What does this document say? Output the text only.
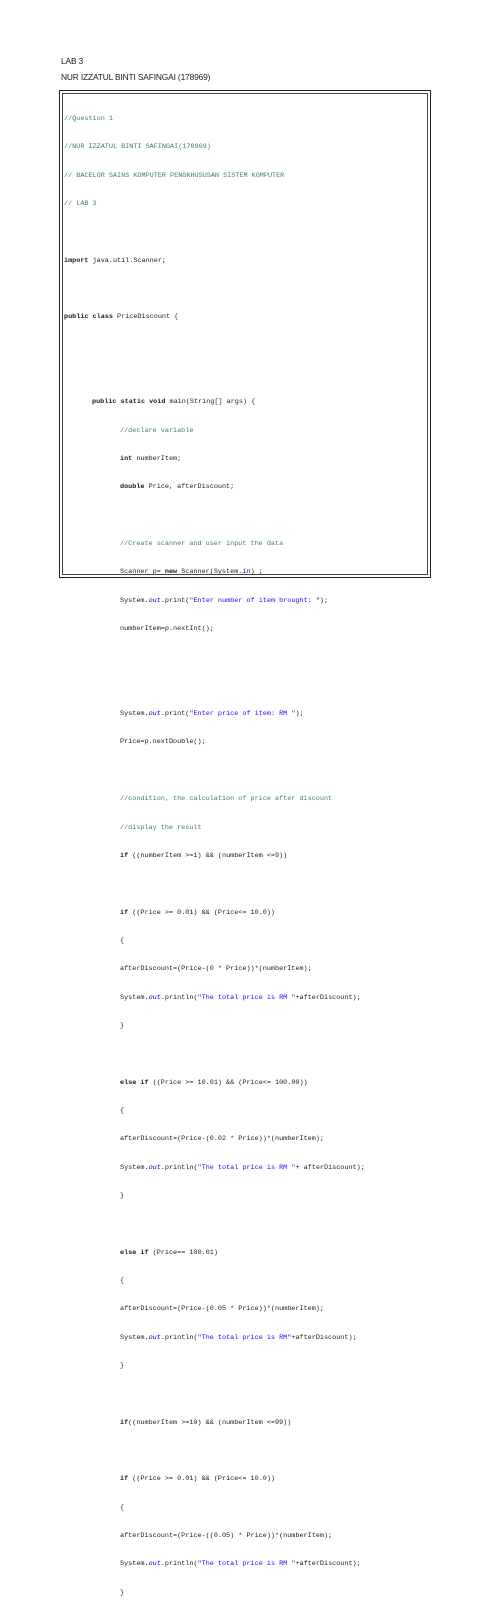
LAB 3

NUR IZZATUL BINTI SAFINGAI (178969)

//Question 1

//NUR IZZATUL BINTI SAFINGAI(178969)

// BACELOR SAINS KOMPUTER PENGKHUSUSAN SISTEM KOMPUTER

// LAB 3

import java.util.Scanner;

public class PriceDiscount {

public static void main(String[] args) {

//declare variable

int numberItem;

double Price, afterDiscount;

//Create scanner and user input the data

Scanner p= new Scanner(System.in) ;

System.out.print("Enter number of item brought: ");

numberItem=p.nextInt();

System.out.print("Enter price of item: RM ");

Price=p.nextDouble();

//condition, the calculation of price after discount

//display the result

if ((numberItem >=1) && (numberItem <=9))

if ((Price >= 0.01) && (Price<= 10.0))

{

afterDiscount=(Price-(0 * Price))*(numberItem);

System.out.println("The total price is RM "+afterDiscount);

}

else if ((Price >= 10.01) && (Price<= 100.00))

{

afterDiscount=(Price-(0.02 * Price))*(numberItem);

System.out.println("The total price is RM "+ afterDiscount);

}

else if (Price== 100.01)

{

afterDiscount=(Price-(0.05 * Price))*(numberItem);

System.out.println("The total price is RM"+afterDiscount);

}

if((numberItem >=10) && (numberItem <=99))

if ((Price >= 0.01) && (Price<= 10.0))

{

afterDiscount=(Price-((0.05) * Price))*(numberItem);

System.out.println("The total price is RM "+afterDiscount);

}
